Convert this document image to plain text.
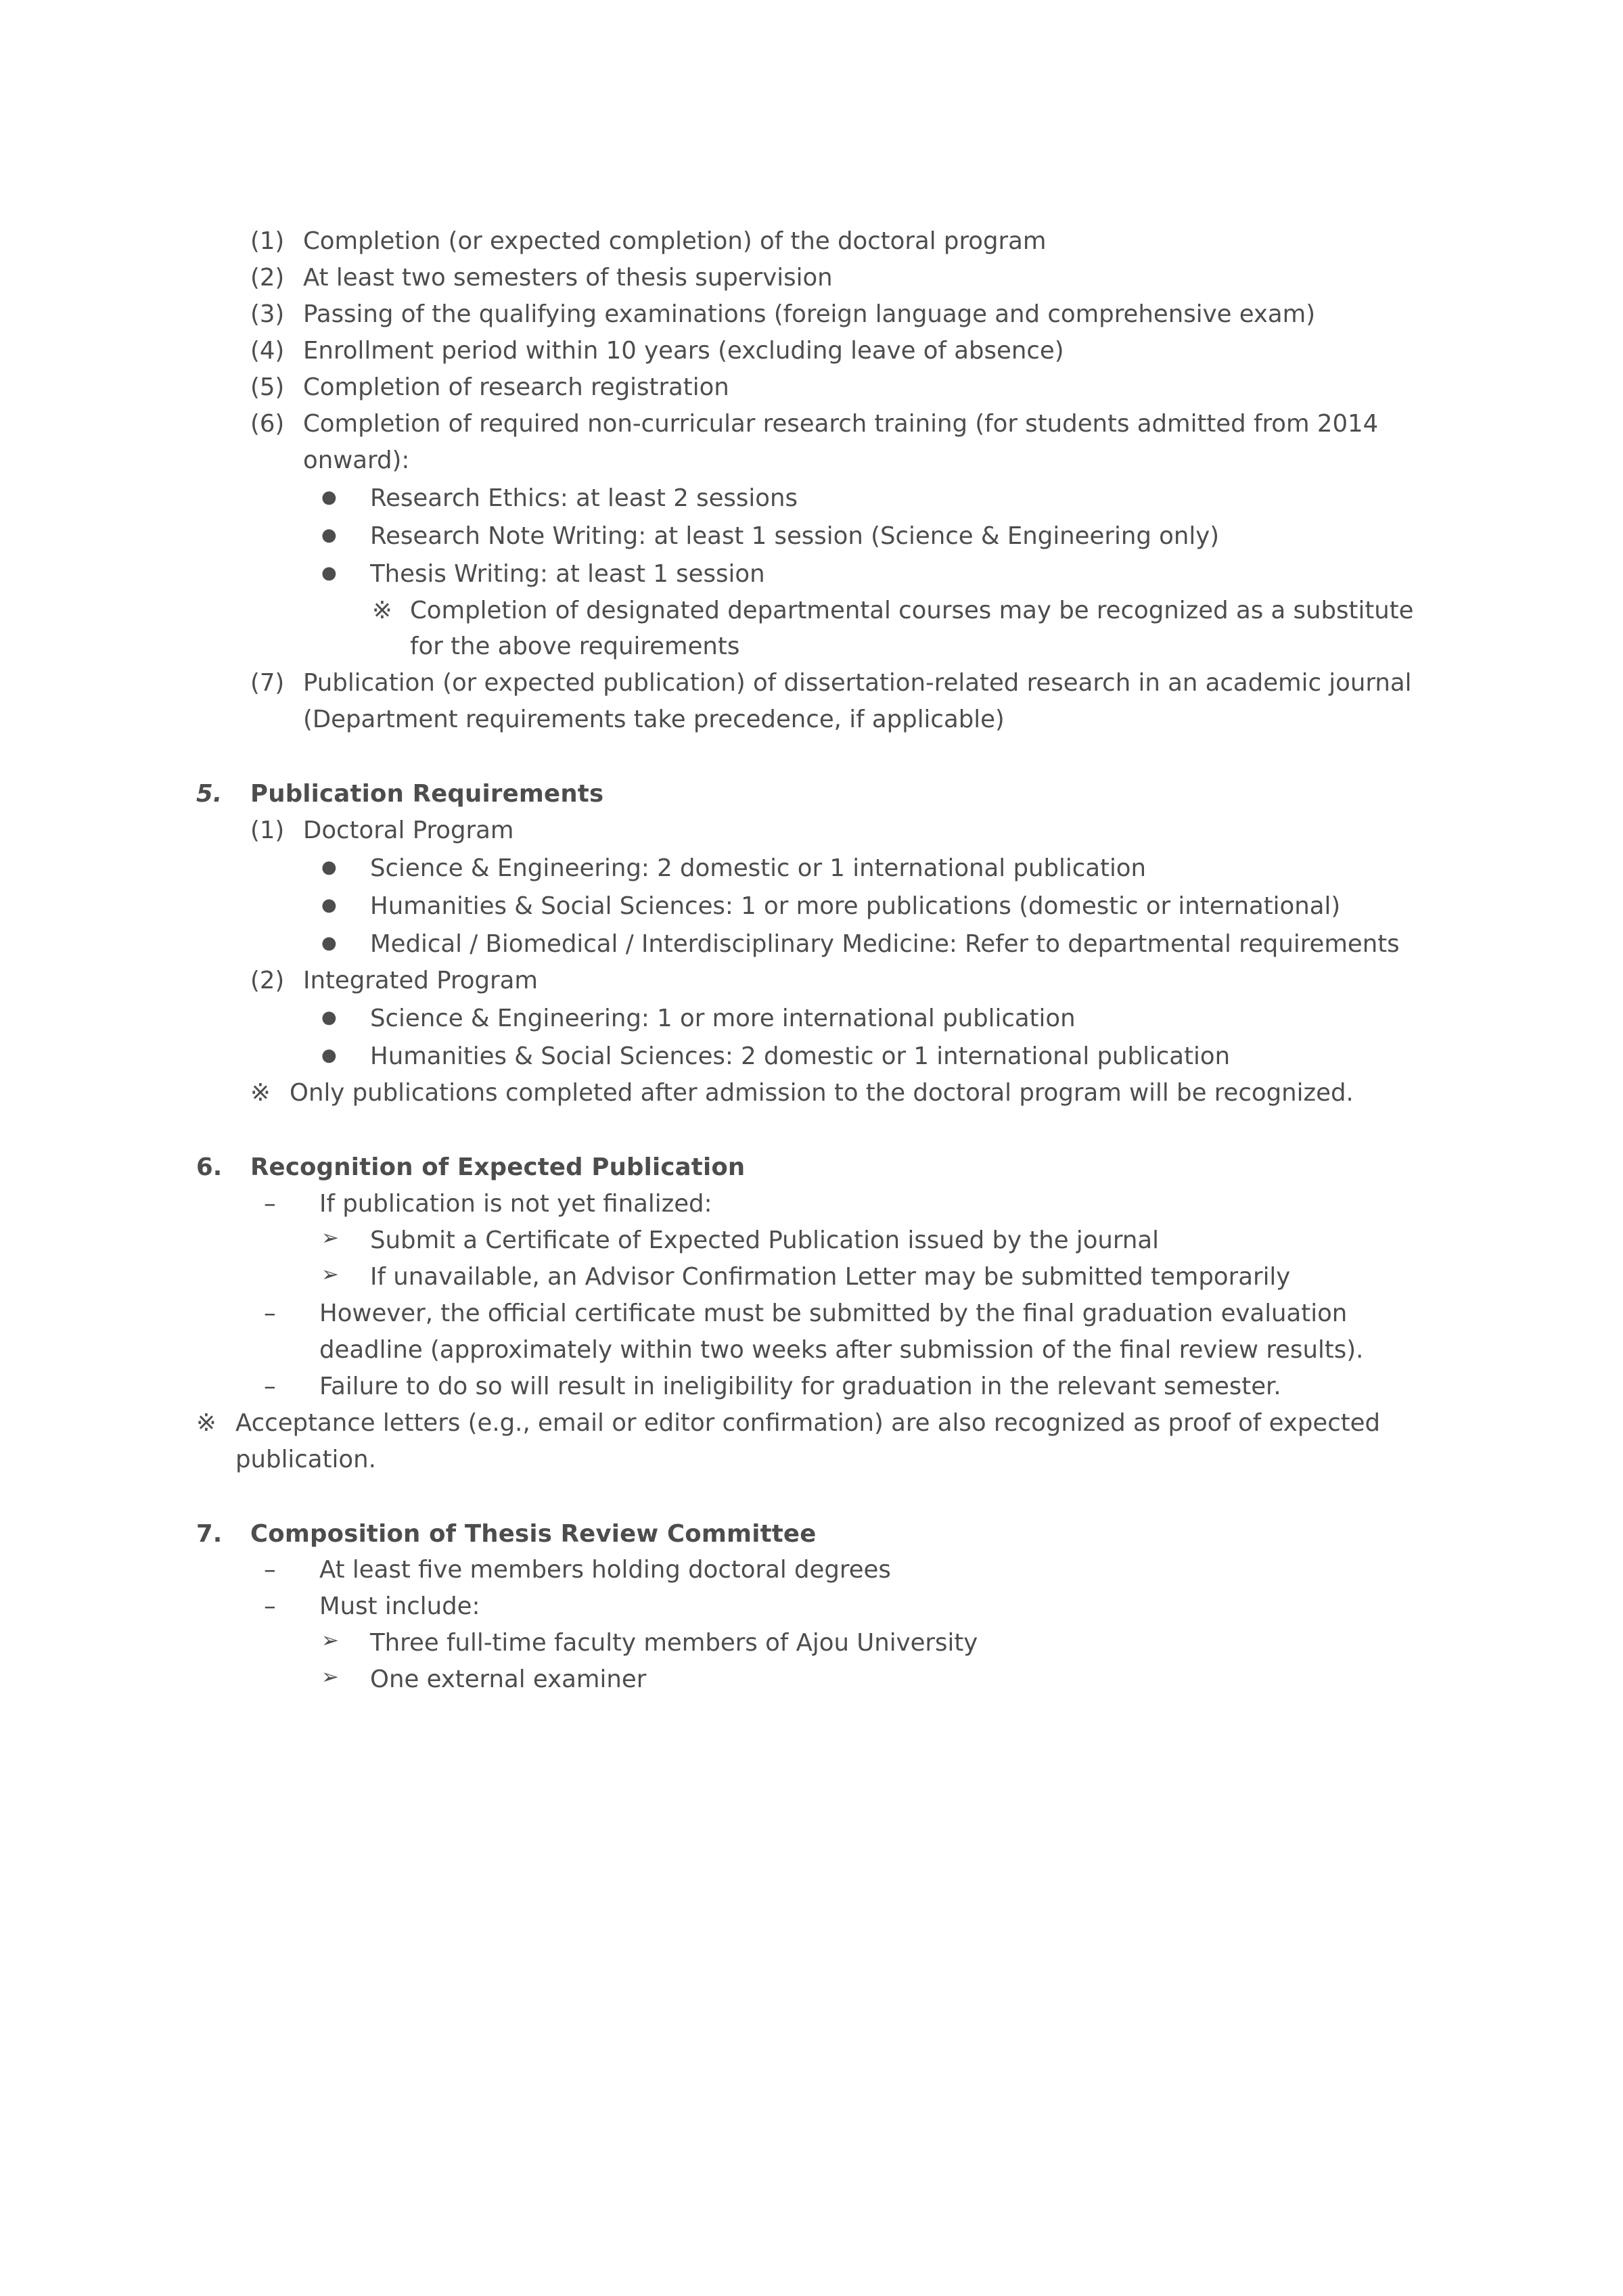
(1) Completion (or expected completion) of the doctoral program
(2) At least two semesters of thesis supervision
(3) Passing of the qualifying examinations (foreign language and comprehensive exam)
(4) Enrollment period within 10 years (excluding leave of absence)
(5) Completion of research registration
(6) Completion of required non-curricular research training (for students admitted from 2014 onward):
●	Research Ethics: at least 2 sessions
●	Research Note Writing: at least 1 session (Science & Engineering only)
●	Thesis Writing: at least 1 session
※ Completion of designated departmental courses may be recognized as a substitute for the above requirements
(7) Publication (or expected publication) of dissertation-related research in an academic journal (Department requirements take precedence, if applicable)
5.	Publication Requirements
(1) Doctoral Program
●	Science & Engineering: 2 domestic or 1 international publication
●	Humanities & Social Sciences: 1 or more publications (domestic or international)
●	Medical / Biomedical / Interdisciplinary Medicine: Refer to departmental requirements
(2) Integrated Program
●	Science & Engineering: 1 or more international publication
●	Humanities & Social Sciences: 2 domestic or 1 international publication
※ Only publications completed after admission to the doctoral program will be recognized.
6.	Recognition of Expected Publication
–	If publication is not yet finalized:
➢	Submit a Certificate of Expected Publication issued by the journal
➢	If unavailable, an Advisor Confirmation Letter may be submitted temporarily
–	However, the official certificate must be submitted by the final graduation evaluation deadline (approximately within two weeks after submission of the final review results).
–	Failure to do so will result in ineligibility for graduation in the relevant semester.
※ Acceptance letters (e.g., email or editor confirmation) are also recognized as proof of expected publication.
7.	Composition of Thesis Review Committee
–	At least five members holding doctoral degrees
–	Must include:
➢	Three full-time faculty members of Ajou University
➢	One external examiner
